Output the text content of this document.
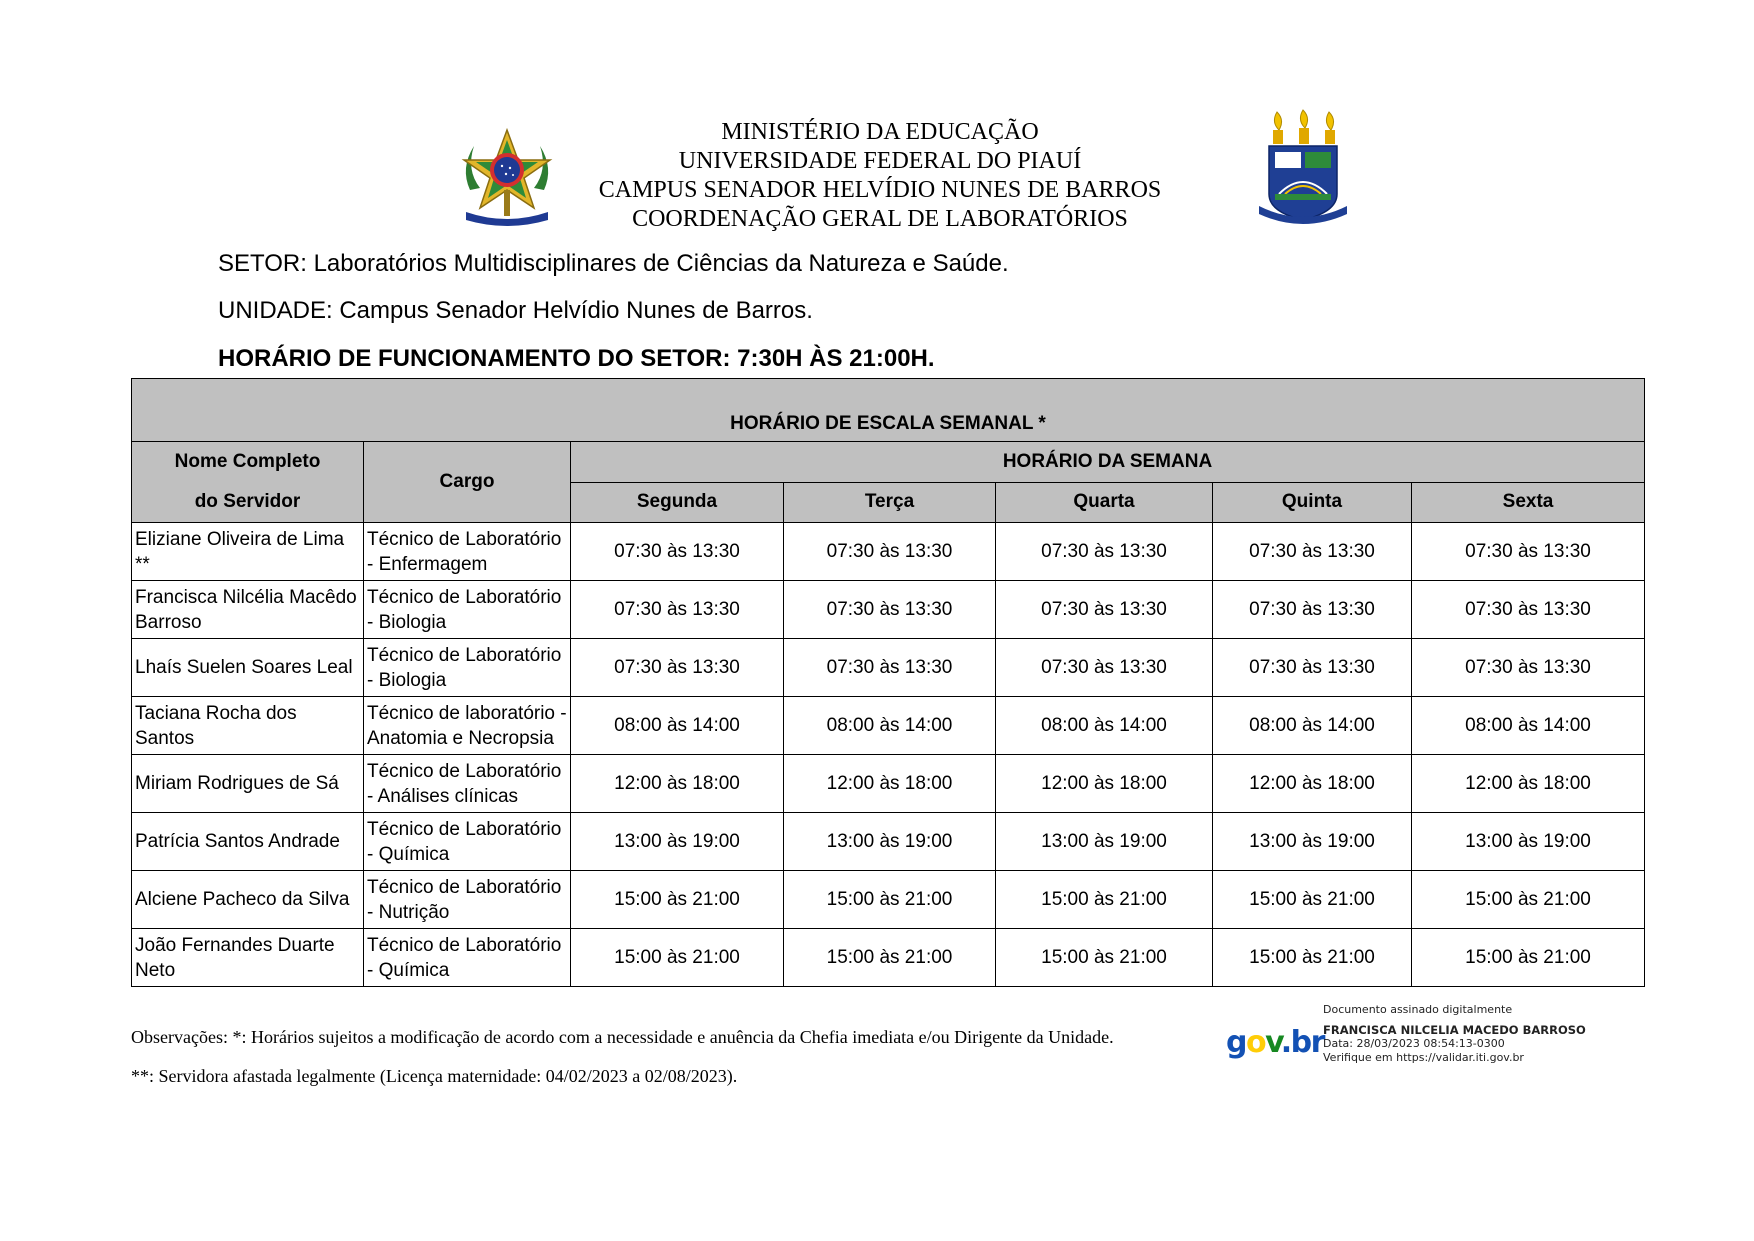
MINISTÉRIO DA EDUCAÇÃO
UNIVERSIDADE FEDERAL DO PIAUÍ
CAMPUS SENADOR HELVÍDIO NUNES DE BARROS
COORDENAÇÃO GERAL DE LABORATÓRIOS
SETOR: Laboratórios Multidisciplinares de Ciências da Natureza e Saúde.
UNIDADE: Campus Senador Helvídio Nunes de Barros.
HORÁRIO DE FUNCIONAMENTO DO SETOR: 7:30H ÀS 21:00H.
HORÁRIO DE ESCALA SEMANAL *						

Nome Completo
do Servidor	Cargo	HORÁRIO DA SEMANA				
		Segunda	Terça	Quarta	Quinta	Sexta
Eliziane Oliveira de Lima **	Técnico de Laboratório - Enfermagem	07:30 às 13:30	07:30 às 13:30	07:30 às 13:30	07:30 às 13:30	07:30 às 13:30
Francisca Nilcélia Macêdo Barroso	Técnico de Laboratório - Biologia	07:30 às 13:30	07:30 às 13:30	07:30 às 13:30	07:30 às 13:30	07:30 às 13:30
Lhaís Suelen Soares Leal	Técnico de Laboratório - Biologia	07:30 às 13:30	07:30 às 13:30	07:30 às 13:30	07:30 às 13:30	07:30 às 13:30
Taciana Rocha dos Santos	Técnico de laboratório - Anatomia e Necropsia	08:00 às 14:00	08:00 às 14:00	08:00 às 14:00	08:00 às 14:00	08:00 às 14:00
Miriam Rodrigues de Sá	Técnico de Laboratório - Análises clínicas	12:00 às 18:00	12:00 às 18:00	12:00 às 18:00	12:00 às 18:00	12:00 às 18:00
Patrícia Santos Andrade	Técnico de Laboratório - Química	13:00 às 19:00	13:00 às 19:00	13:00 às 19:00	13:00 às 19:00	13:00 às 19:00
Alciene Pacheco da Silva	Técnico de Laboratório - Nutrição	15:00 às 21:00	15:00 às 21:00	15:00 às 21:00	15:00 às 21:00	15:00 às 21:00
João Fernandes Duarte Neto	Técnico de Laboratório - Química	15:00 às 21:00	15:00 às 21:00	15:00 às 21:00	15:00 às 21:00	15:00 às 21:00
Observações: *: Horários sujeitos a modificação de acordo com a necessidade e anuência da Chefia imediata e/ou Dirigente da Unidade.
**: Servidora afastada legalmente (Licença maternidade: 04/02/2023 a 02/08/2023).
gov.br
Documento assinado digitalmente
FRANCISCA NILCELIA MACEDO BARROSO
Data: 28/03/2023 08:54:13-0300
Verifique em https://validar.iti.gov.br
